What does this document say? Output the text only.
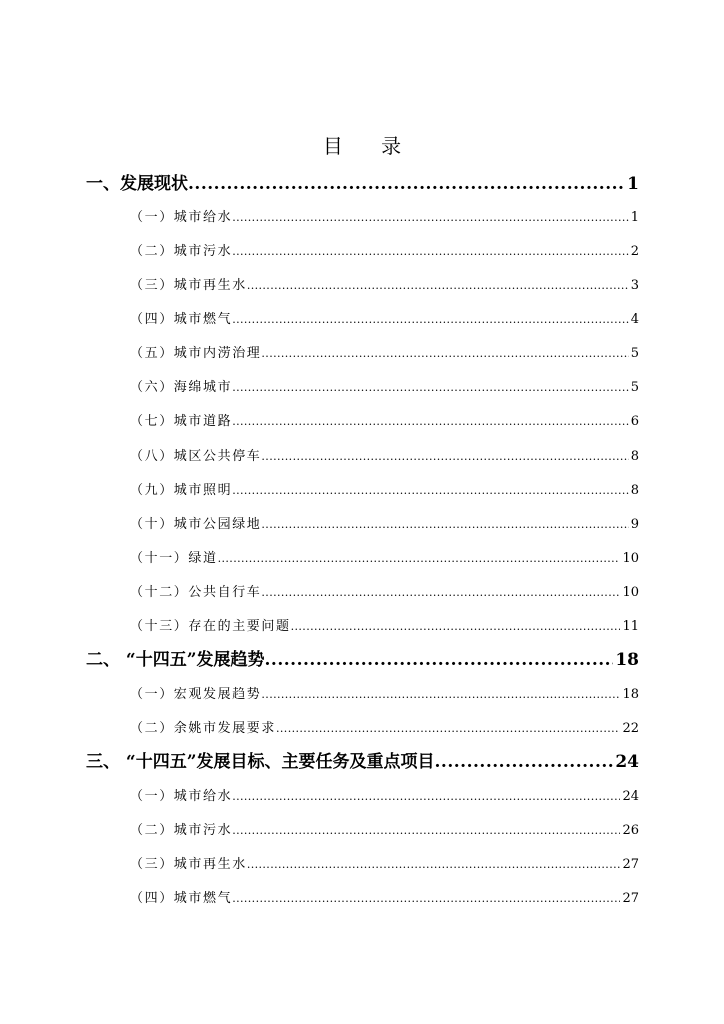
目 录
一、发展现状 .....	1
（一）城市给水 .....	1
（二）城市污水 .....	2
（三）城市再生水 .....	3
（四）城市燃气 .....	4
（五）城市内涝治理 .....	5
（六）海绵城市 .....	5
（七）城市道路 .....	6
（八）城区公共停车 .....	8
（九）城市照明 .....	8
（十）城市公园绿地 .....	9
（十一）绿道 .....	10
（十二）公共自行车 .....	10
（十三）存在的主要问题 .....	11
二、 “十四五”发展趋势 .....	18
（一）宏观发展趋势 .....	18
（二）余姚市发展要求 .....	22
三、 “十四五”发展目标、主要任务及重点项目 .....	24
（一）城市给水 .....	24
（二）城市污水 .....	26
（三）城市再生水 .....	27
（四）城市燃气 .....	27
